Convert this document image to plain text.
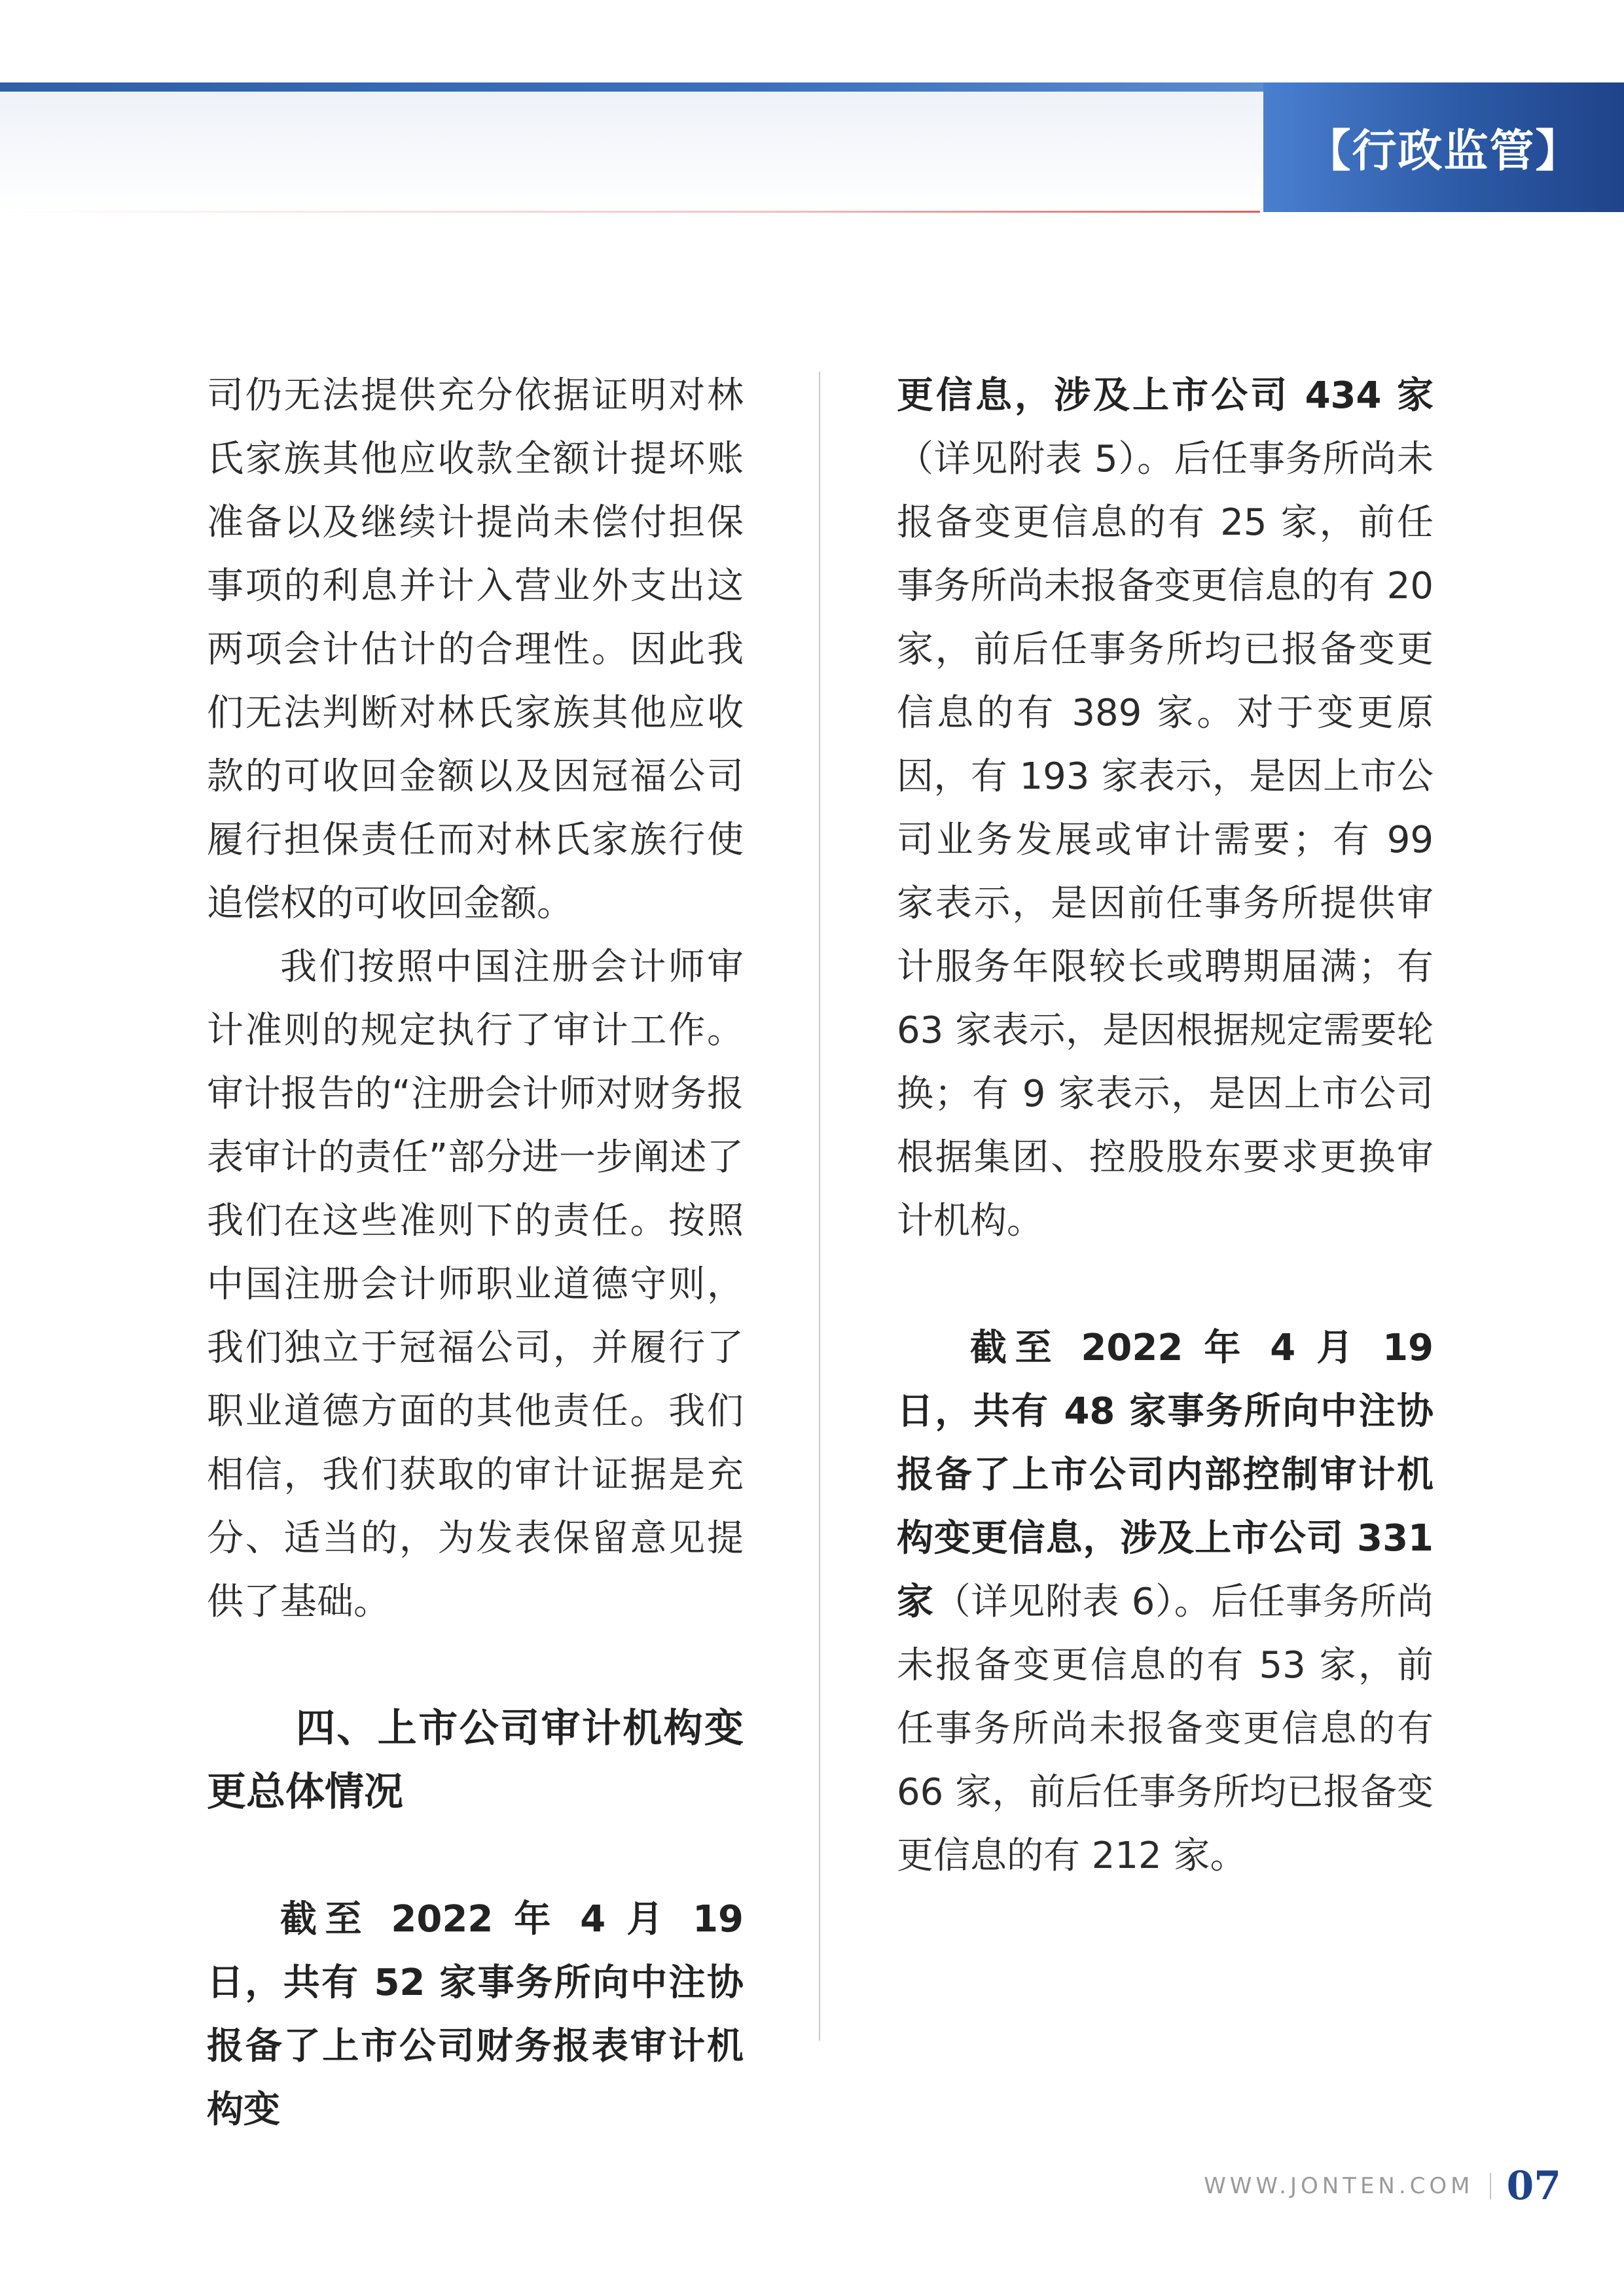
【行政监管】

司仍无法提供充分依据证明对林氏家族其他应收款全额计提坏账准备以及继续计提尚未偿付担保事项的利息并计入营业外支出这两项会计估计的合理性。因此我们无法判断对林氏家族其他应收款的可收回金额以及因冠福公司履行担保责任而对林氏家族行使追偿权的可收回金额。

我们按照中国注册会计师审计准则的规定执行了审计工作。审计报告的“注册会计师对财务报表审计的责任”部分进一步阐述了我们在这些准则下的责任。按照中国注册会计师职业道德守则，我们独立于冠福公司，并履行了职业道德方面的其他责任。我们相信，我们获取的审计证据是充分、适当的，为发表保留意见提供了基础。

四、上市公司审计机构变更总体情况

截至 2022 年 4 月 19 日，共有 52 家事务所向中注协报备了上市公司财务报表审计机构变

更信息，涉及上市公司 434 家（详见附表 5）。后任事务所尚未报备变更信息的有 25 家，前任事务所尚未报备变更信息的有 20 家，前后任事务所均已报备变更信息的有 389 家。对于变更原因，有 193 家表示，是因上市公司业务发展或审计需要；有 99 家表示，是因前任事务所提供审计服务年限较长或聘期届满；有 63 家表示，是因根据规定需要轮换；有 9 家表示，是因上市公司根据集团、控股股东要求更换审计机构。

截至 2022 年 4 月 19 日，共有 48 家事务所向中注协报备了上市公司内部控制审计机构变更信息，涉及上市公司 331 家（详见附表 6）。后任事务所尚未报备变更信息的有 53 家，前任事务所尚未报备变更信息的有 66 家，前后任事务所均已报备变更信息的有 212 家。

WWW.JONTEN.COM 07
